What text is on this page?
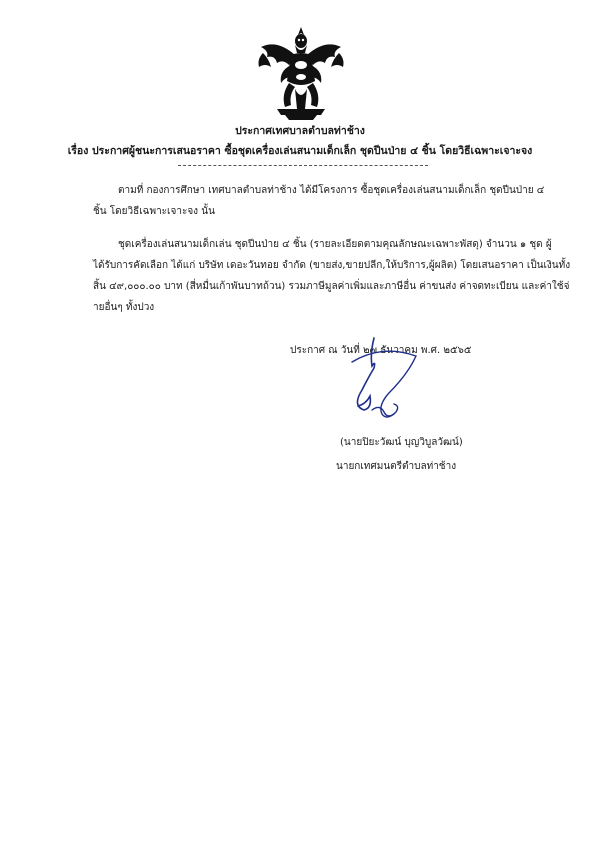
ประกาศเทศบาลตำบลท่าช้าง
เรื่อง ประกาศผู้ชนะการเสนอราคา ซื้อชุดเครื่องเล่นสนามเด็กเล็ก ชุดปีนป่าย ๔ ชิ้น โดยวิธีเฉพาะเจาะจง
ตามที่ กองการศึกษา เทศบาลตำบลท่าช้าง ได้มีโครงการ ซื้อชุดเครื่องเล่นสนามเด็กเล็ก ชุดปีนป่าย ๔
ชิ้น โดยวิธีเฉพาะเจาะจง นั้น
ชุดเครื่องเล่นสนามเด็กเล่น ชุดปีนป่าย ๔ ชิ้น (รายละเอียดตามคุณลักษณะเฉพาะพัสดุ) จำนวน ๑ ชุด ผู้
ได้รับการคัดเลือก ได้แก่ บริษัท เดอะวันทอย จำกัด (ขายส่ง,ขายปลีก,ให้บริการ,ผู้ผลิต) โดยเสนอราคา เป็นเงินทั้ง
สิ้น ๔๙,๐๐๐.๐๐ บาท (สี่หมื่นเก้าพันบาทถ้วน) รวมภาษีมูลค่าเพิ่มและภาษีอื่น ค่าขนส่ง ค่าจดทะเบียน และค่าใช้จ่
ายอื่นๆ ทั้งปวง
ประกาศ ณ วันที่ ๒๗ ธันวาคม พ.ศ. ๒๕๖๕
(นายปิยะวัฒน์ บุญวิบูลวัฒน์)
นายกเทศมนตรีตำบลท่าช้าง
